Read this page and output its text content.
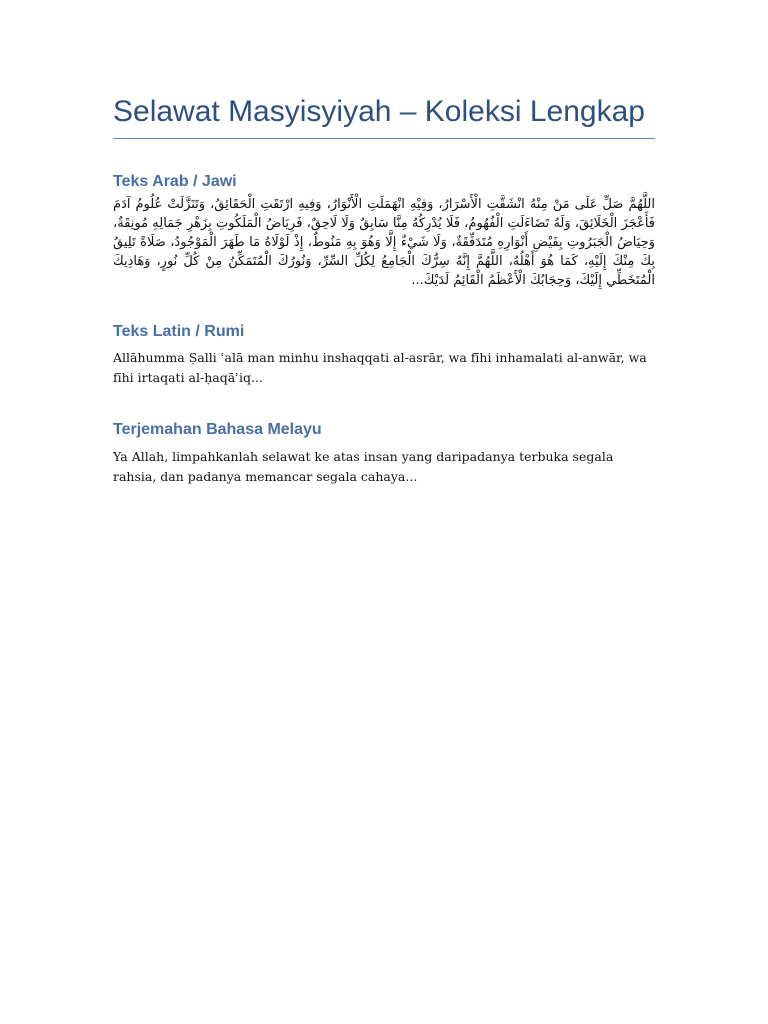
Selawat Masyisyiyah – Koleksi Lengkap
Teks Arab / Jawi

اللَّهُمَّ صَلِّ عَلَى مَنْ مِنْهُ انْشَقَّتِ الْأَسْرَارُ، وَفِيْهِ انْهَمَلَتِ الْأَنْوَارُ، وَفِيهِ ارْتَقَتِ الْحَقَائِقُ، وَتَنَزَّلَتْ عُلُومُ آدَمَ فَأَعْجَزَ الْخَلَائِقَ، وَلَهُ تَضَاءَلَتِ الْفُهُومُ، فَلَا يُدْرِكُهُ مِنَّا سَابِقٌ وَلَا لَاحِقٌ، فَرِيَاضُ الْمَلَكُوتِ بِزَهْرِ جَمَالِهِ مُونِقَةٌ، وَحِيَاضُ الْجَبَرُوتِ بِفَيْضِ أَنْوَارِهِ مُتَدَفِّقَةٌ، وَلَا شَيْءٌ إِلَّا وَهُوَ بِهِ مَنُوطٌ، إِذْ لَوْلَاهُ مَا طَهَرَ الْمَوْجُودُ، صَلَاةً تَلِيقُ بِكَ مِنْكَ إِلَيْهِ، كَمَا هُوَ أَهْلُهُ، اللَّهُمَّ إِنَّهُ سِرُّكَ الْجَامِعُ لِكُلِّ السِّرِّ، وَنُورُكَ الْمُتَمَكِّنُ مِنْ كُلِّ نُورٍ، وَهَادِيكَ الْمُتَخَطِّي إِلَيْكَ، وَحِجَابُكَ الْأَعْظَمُ الْقَائِمُ لَدَيْكَ...

Teks Latin / Rumi

Allāhumma Ṣalli ʿalā man minhu inshaqqati al-asrār, wa fīhi inhamalati al-anwār, wa fīhi irtaqati al-ḥaqāʾiq...

Terjemahan Bahasa Melayu

Ya Allah, limpahkanlah selawat ke atas insan yang daripadanya terbuka segala rahsia, dan padanya memancar segala cahaya...
